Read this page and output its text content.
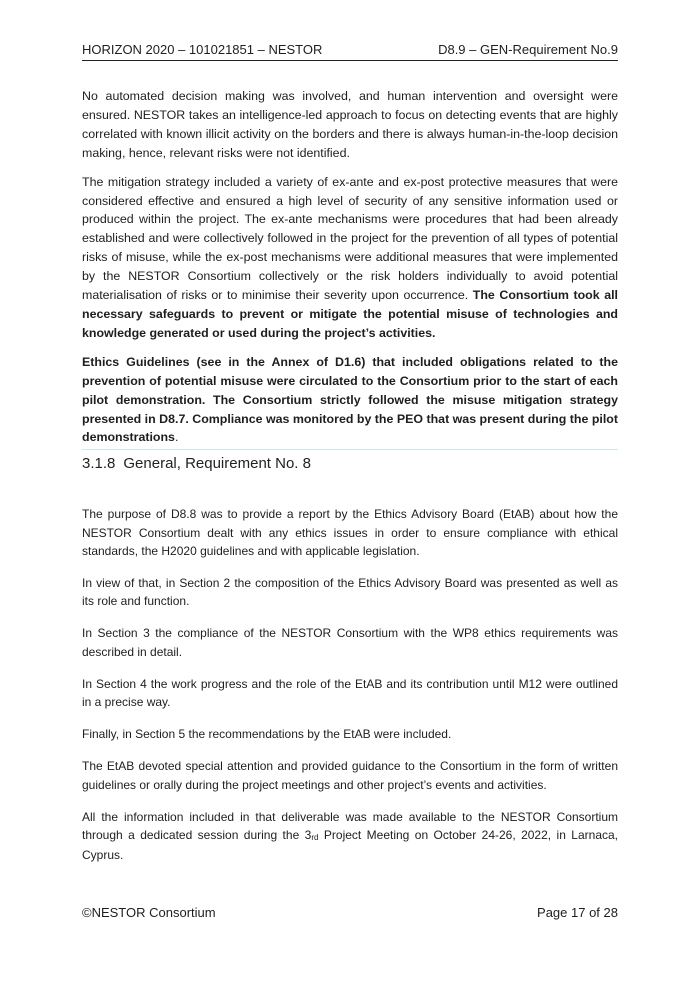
HORIZON 2020 – 101021851 – NESTOR	D8.9 – GEN-Requirement No.9

No automated decision making was involved, and human intervention and oversight were ensured. NESTOR takes an intelligence-led approach to focus on detecting events that are highly correlated with known illicit activity on the borders and there is always human-in-the-loop decision making, hence, relevant risks were not identified.

The mitigation strategy included a variety of ex-ante and ex-post protective measures that were considered effective and ensured a high level of security of any sensitive information used or produced within the project. The ex-ante mechanisms were procedures that had been already established and were collectively followed in the project for the prevention of all types of potential risks of misuse, while the ex-post mechanisms were additional measures that were implemented by the NESTOR Consortium collectively or the risk holders individually to avoid potential materialisation of risks or to minimise their severity upon occurrence. The Consortium took all necessary safeguards to prevent or mitigate the potential misuse of technologies and knowledge generated or used during the project’s activities.

Ethics Guidelines (see in the Annex of D1.6) that included obligations related to the prevention of potential misuse were circulated to the Consortium prior to the start of each pilot demonstration. The Consortium strictly followed the misuse mitigation strategy presented in D8.7. Compliance was monitored by the PEO that was present during the pilot demonstrations.

3.1.8 General, Requirement No. 8

The purpose of D8.8 was to provide a report by the Ethics Advisory Board (EtAB) about how the NESTOR Consortium dealt with any ethics issues in order to ensure compliance with ethical standards, the H2020 guidelines and with applicable legislation.

In view of that, in Section 2 the composition of the Ethics Advisory Board was presented as well as its role and function.

In Section 3 the compliance of the NESTOR Consortium with the WP8 ethics requirements was described in detail.

In Section 4 the work progress and the role of the EtAB and its contribution until M12 were outlined in a precise way.

Finally, in Section 5 the recommendations by the EtAB were included.

The EtAB devoted special attention and provided guidance to the Consortium in the form of written guidelines or orally during the project meetings and other project’s events and activities.

All the information included in that deliverable was made available to the NESTOR Consortium through a dedicated session during the $3_{rd}$ Project Meeting on October 24-26, 2022, in Larnaca, Cyprus.

©NESTOR Consortium	Page 17 of 28
